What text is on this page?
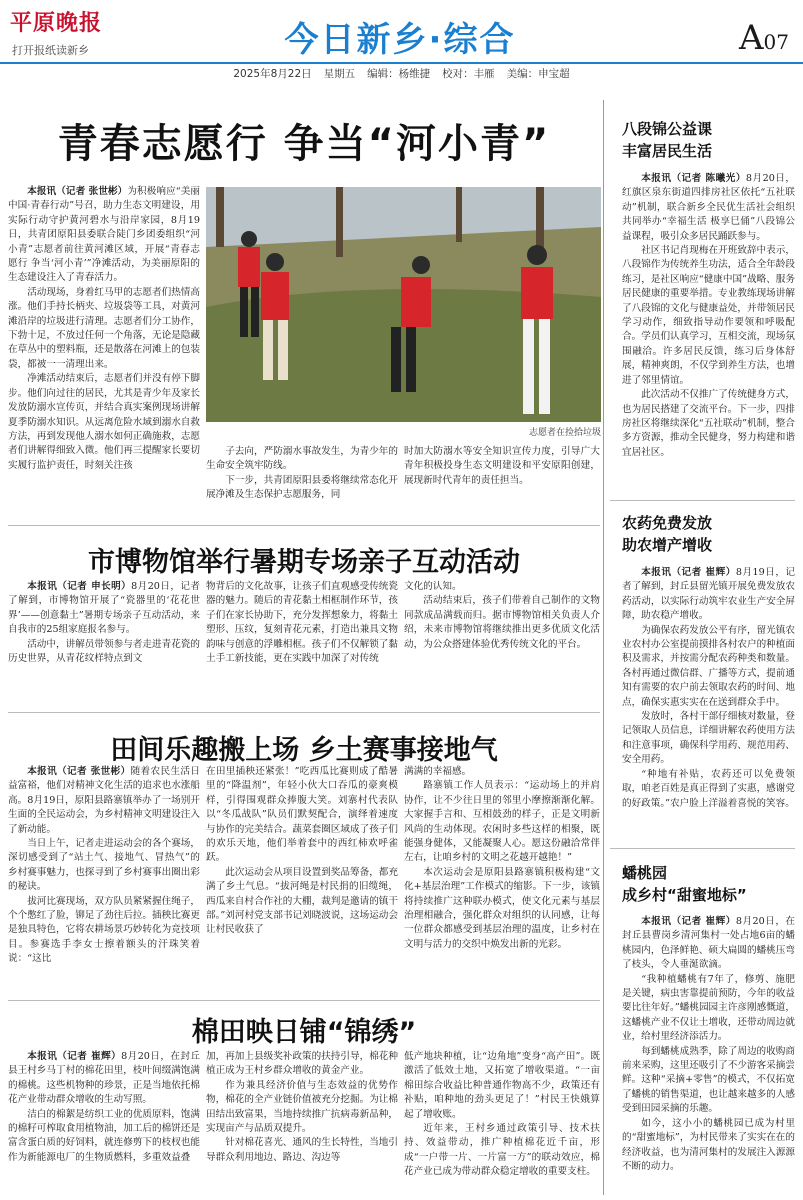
平原晚报
打开报纸读新乡	今日新乡·综合	A07
2025年8月22日 星期五 编辑：杨维捷 校对：丰雁 美编：申宝超
青春志愿行 争当“河小青”

本报讯（记者 张世彬）为积极响应“美丽中国·青春行动”号召，助力生态文明建设，用实际行动守护黄河碧水与沿岸家园，8月19日，共青团原阳县委联合陡门乡团委组织“河小青”志愿者前往黄河滩区域，开展“青春志愿行 争当‘河小青’”净滩活动，为美丽原阳的生态建设注入了青春活力。

活动现场，身着红马甲的志愿者们热情高涨。他们手持长柄夹、垃圾袋等工具，对黄河滩沿岸的垃圾进行清理。志愿者们分工协作，下勃十足，不放过任何一个角落，无论是隐藏在草丛中的塑料瓶，还是散落在河滩上的包装袋，都被一一清理出来。

净滩活动结束后，志愿者们并没有停下脚步。他们向过往的居民，尤其是青少年及家长发放防溺水宣传页，并结合真实案例现场讲解夏季防溺水知识。从远离危险水域到溺水自救方法，再到发现他人溺水如何正确施救，志愿者们讲解得细致入微。他们再三提醒家长要切实履行监护责任，时刻关注孩

志愿者在捡拾垃圾

子去向，严防溺水事故发生，为青少年的生命安全筑牢防线。

下一步，共青团原阳县委将继续常态化开展净滩及生态保护志愿服务，同

时加大防溺水等安全知识宣传力度，引导广大青年积极投身生态文明建设和平安原阳创建，展现新时代青年的责任担当。

市博物馆举行暑期专场亲子互动活动

本报讯（记者 申长明）8月20日，记者了解到，市博物馆开展了“瓷器里的‘花花世界’——创意黏土”暑期专场亲子互动活动，来自我市的25组家庭报名参与。

活动中，讲解员带领参与者走进青花瓷的历史世界，从青花纹样特点到文

物背后的文化故事，让孩子们直观感受传统瓷器的魅力。随后的青花黏土相框制作环节，孩子们在家长协助下，充分发挥想象力，将黏土塑形、压纹，复刻青花元素，打造出兼具文物韵味与创意的浮雕相框。孩子们不仅解锁了黏土手工新技能，更在实践中加深了对传统

文化的认知。

活动结束后，孩子们带着自己制作的文物同款成品满载而归。据市博物馆相关负责人介绍，未来市博物馆将继续推出更多优质文化活动，为公众搭建体验优秀传统文化的平台。

田间乐趣搬上场 乡土赛事接地气

本报讯（记者 张世彬）随着农民生活日益富裕，他们对精神文化生活的追求也水涨船高。8月19日，原阳县路寨镇举办了一场别开生面的全民运动会，为乡村精神文明建设注入了新动能。

当日上午，记者走进运动会的各个赛场，深切感受到了“站土气、接地气、冒热气”的乡村赛事魅力，也探寻到了乡村赛事出圈出彩的秘诀。

拔河比赛现场，双方队员紧紧握住绳子，个个憋红了脸，铆足了劲往后拉。插秧比赛更是独具特色，它将农耕场景巧妙转化为竞技项目。参赛选手李女士擦着额头的汗珠笑着说：“这比

在田里插秧还紧张！”吃西瓜比赛则成了酷暑里的“降温剂”，年轻小伙大口吞瓜的豪爽模样，引得围观群众捧腹大笑。刘寨村代表队以“冬瓜战队”队员们默契配合，演绎着速度与协作的完美结合。蔬菜套圈区域成了孩子们的欢乐天地，他们举着套中的西红柿欢呼雀跃。

此次运动会从项目设置到奖品筹备，都充满了乡土气息。“拔河绳是村民捐的旧缆绳，西瓜来自村合作社的大棚，裁判是邀请的镇干部。”刘河村党支部书记刘晓波说，这场运动会让村民收获了

满满的幸福感。

路寨镇工作人员表示：“运动场上的并肩协作，让不少往日里的邻里小摩擦渐渐化解。大家握手言和、互相鼓劲的样子，正是文明新风尚的生动体现。农闲时多些这样的相聚，既能强身健体，又能凝聚人心。愿这份融洽常伴左右，让咱乡村的文明之花越开越艳！”

本次运动会是原阳县路寨镇积极构建“文化+基层治理”工作模式的缩影。下一步，该镇将持续推广这种联办模式，使文化元素与基层治理相融合，强化群众对组织的认同感，让每一位群众都感受到基层治理的温度，让乡村在文明与活力的交织中焕发出新的光彩。

棉田映日铺“锦绣”

本报讯（记者 崔辉）8月20日，在封丘县王村乡马丁村的棉花田里，枝叶间缀满饱满的棉桃。这些机物种的珍景，正是当地依托棉花产业带动群众增收的生动写照。

洁白的棉絮是纺织工业的优质原料，饱满的棉籽可榨取食用植物油，加工后的棉饼还是富含蛋白质的好饲料，就连修剪下的枝杈也能作为新能源电厂的生物质燃料，多重效益叠

加，再加上县级奖补政策的扶持引导，棉花种植正成为王村乡群众增收的黄金产业。

作为兼具经济价值与生态效益的优势作物，棉花的全产业链价值被充分挖掘。为让棉田结出致富果，当地持续推广抗病毒新品种，实现亩产与品质双提升。

针对棉花喜光、通风的生长特性，当地引导群众利用地边、路边、沟边等

低产地块种植，让“边角地”变身“高产田”。既激活了低效土地，又拓宽了增收渠道。“一亩棉田综合收益比种普通作物高不少，政策还有补贴，咱种地的劲头更足了！”村民王快娥算起了增收账。

近年来，王村乡通过政策引导、技术扶持、效益带动，推广种植棉花近千亩，形成“一户带一片、一片富一方”的联动效应，棉花产业已成为带动群众稳定增收的重要支柱。

八段锦公益课
丰富居民生活

本报讯（记者 陈曦光）8月20日，红旗区泉东街道四排房社区依托“五社联动”机制，联合新乡全民优生活社会组织共同举办“幸福生活 极享巳俑”八段锦公益课程，吸引众多居民踊跃参与。

社区书记肖现梅在开班致辞中表示，八段锦作为传统养生功法，适合全年龄段练习，是社区响应“健康中国”战略、服务居民健康的重要举措。专业教练现场讲解了八段锦的文化与健康益处，并带领居民学习动作，细致指导动作要领和呼吸配合。学员们认真学习，互相交流，现场氛围融洽。许多居民反馈，练习后身体舒展，精神爽朗，不仅学到养生方法，也增进了邻里情谊。

此次活动不仅推广了传统健身方式，也为居民搭建了交流平台。下一步，四排房社区将继续深化“五社联动”机制，整合多方资源，推动全民健身，努力构建和谐宜居社区。

农药免费发放
助农增产增收

本报讯（记者 崔辉）8月19日，记者了解到，封丘县留光镇开展免费发放农药活动，以实际行动筑牢农业生产安全屏障，助农稳产增收。

为确保农药发放公平有序，留光镇农业农村办公室提前摸排各村农户的种植面积及需求，并按需分配农药种类和数量。各村再通过微信群、广播等方式，提前通知有需要的农户前去领取农药的时间、地点，确保实惠实实在在送到群众手中。

发放时，各村干部仔细核对数量，登记领取人员信息，详细讲解农药使用方法和注意事项，确保科学用药、规范用药、安全用药。

“种地有补贴，农药还可以免费领取，咱老百姓是真正得到了实惠，感谢党的好政策。”农户脸上洋溢着喜悦的笑容。

蟠桃园
成乡村“甜蜜地标”

本报讯（记者 崔辉）8月20日，在封丘县曹岗乡清河集村一处占地6亩的蟠桃园内，色泽鲜艳、硕大扁圆的蟠桃压弯了枝头，令人垂涎欲滴。

“我种植蟠桃有7年了，修剪、施肥是关键，病虫害靠提前预防，今年的收益要比往年好。”蟠桃园园主许彦刚感慨道，这蟠桃产业不仅让土增收，还带动周边就业，给村里经济添活力。

每到蟠桃成熟季，除了周边的收购商前来采购，这里还吸引了不少游客采摘尝鲜。这种“采摘+零售”的模式，不仅拓宽了蟠桃的销售渠道，也让越来越多的人感受到田园采摘的乐趣。

如今，这小小的蟠桃园已成为村里的“甜蜜地标”，为村民带来了实实在在的经济收益，也为清河集村的发展注入源源不断的动力。
